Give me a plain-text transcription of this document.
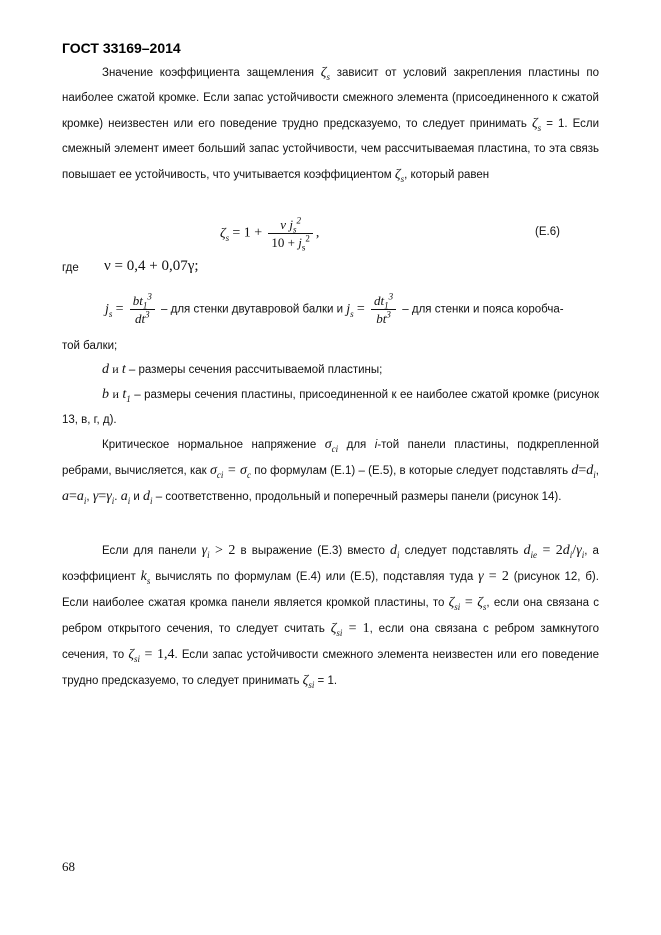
ГОСТ 33169–2014
Значение коэффициента защемления $\zeta_s$ зависит от условий закрепления пластины по наиболее сжатой кромке. Если запас устойчивости смежного элемента (присоединенного к сжатой кромке) неизвестен или его поведение трудно предсказуемо, то следует принимать $\zeta_s = 1$. Если смежный элемент имеет больший запас устойчивости, чем рассчитываемая пластина, то эта связь повышает ее устойчивость, что учитывается коэффициентом $\zeta_s$, который равен
$\zeta_s = 1 + \frac{\nu j_s^2}{10 + j_s^2}$ ,	(Е.6)
где ν = 0,4 + 0,07γ;
$j_s = \frac{bt_1^3}{dt^3}$ – для стенки двутавровой балки и $j_s = \frac{dt_1^3}{bt^3}$ – для стенки и пояса коробча-
той балки;
d и t – размеры сечения рассчитываемой пластины;
b и $t_1$ – размеры сечения пластины, присоединенной к ее наиболее сжатой кромке (рисунок 13, в, г, д).
Критическое нормальное напряжение $\sigma_{ci}$ для i-той панели пластины, подкрепленной ребрами, вычисляется, как $\sigma_{ci} = \sigma_c$ по формулам (Е.1) – (Е.5), в которые следует подставлять $d=d_i$, $a=a_i$, $\gamma=\gamma_i$. $a_i$ и $d_i$ – соответственно, продольный и поперечный размеры панели (рисунок 14).
Если для панели $\gamma_i > 2$ в выражение (Е.3) вместо $d_i$ следует подставлять $d_{ie} = 2d_i/\gamma_i$, а коэффициент $k_s$ вычислять по формулам (Е.4) или (Е.5), подставляя туда γ = 2 (рисунок 12, б). Если наиболее сжатая кромка панели является кромкой пластины, то $\zeta_{si} = \zeta_s$, если она связана с ребром открытого сечения, то следует считать $\zeta_{si} = 1$, если она связана с ребром замкнутого сечения, то $\zeta_{si} = 1,4$. Если запас устойчивости смежного элемента неизвестен или его поведение трудно предсказуемо, то следует принимать $\zeta_{si} = 1$.
68
